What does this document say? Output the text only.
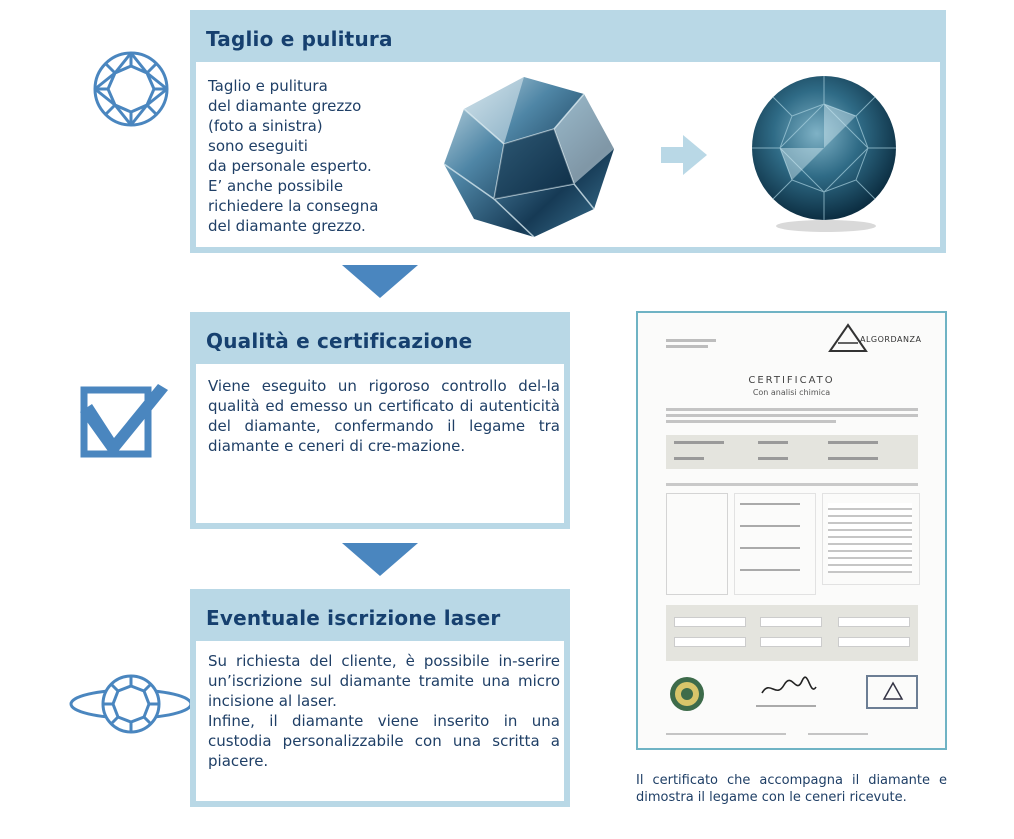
Taglio e pulitura
Taglio e pulitura
del diamante grezzo
(foto a sinistra)
sono eseguiti
da personale esperto.
E’ anche possibile
richiedere la consegna
del diamante grezzo.
Qualità e certificazione
Viene eseguito un rigoroso controllo del-la qualità ed emesso un certificato di autenticità del diamante, confermando il legame tra diamante e ceneri di cre-mazione.
Eventuale iscrizione laser
Su richiesta del cliente, è possibile in-serire un’iscrizione sul diamante tramite una micro incisione al laser.
Infine, il diamante viene inserito in una custodia personalizzabile con una scritta a piacere.
ALGORDANZA
CERTIFICATO
Con analisi chimica
Il certificato che accompagna il diamante e dimostra il legame con le ceneri ricevute.
